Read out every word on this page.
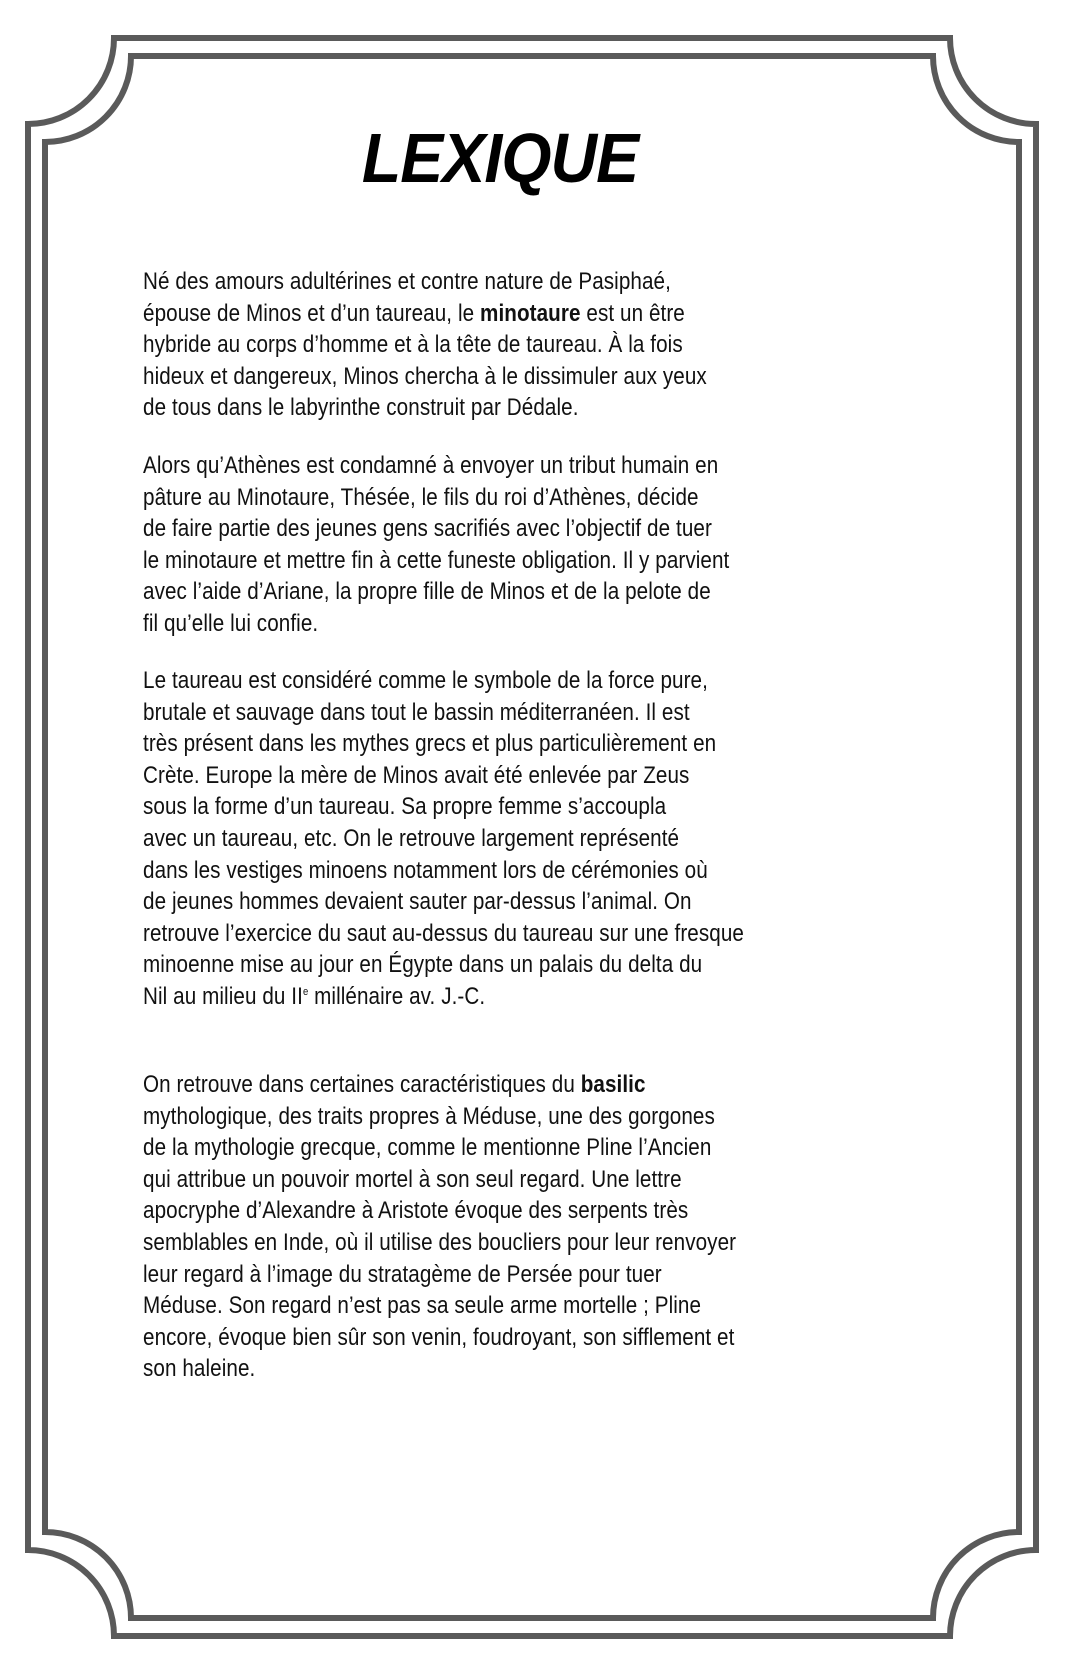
LEXIQUE
Né des amours adultérines et contre nature de Pasiphaé,
épouse de Minos et d’un taureau, le minotaure est un être
hybride au corps d’homme et à la tête de taureau. À la fois
hideux et dangereux, Minos chercha à le dissimuler aux yeux
de tous dans le labyrinthe construit par Dédale.
Alors qu’Athènes est condamné à envoyer un tribut humain en
pâture au Minotaure, Thésée, le fils du roi d’Athènes, décide
de faire partie des jeunes gens sacrifiés avec l’objectif de tuer
le minotaure et mettre fin à cette funeste obligation. Il y parvient
avec l’aide d’Ariane, la propre fille de Minos et de la pelote de
fil qu’elle lui confie.
Le taureau est considéré comme le symbole de la force pure,
brutale et sauvage dans tout le bassin méditerranéen. Il est
très présent dans les mythes grecs et plus particulièrement en
Crète. Europe la mère de Minos avait été enlevée par Zeus
sous la forme d’un taureau. Sa propre femme s’accoupla
avec un taureau, etc. On le retrouve largement représenté
dans les vestiges minoens notamment lors de cérémonies où
de jeunes hommes devaient sauter par-dessus l’animal. On
retrouve l’exercice du saut au-dessus du taureau sur une fresque
minoenne mise au jour en Égypte dans un palais du delta du
Nil au milieu du IIe millénaire av. J.-C.
On retrouve dans certaines caractéristiques du basilic
mythologique, des traits propres à Méduse, une des gorgones
de la mythologie grecque, comme le mentionne Pline l’Ancien
qui attribue un pouvoir mortel à son seul regard. Une lettre
apocryphe d’Alexandre à Aristote évoque des serpents très
semblables en Inde, où il utilise des boucliers pour leur renvoyer
leur regard à l’image du stratagème de Persée pour tuer
Méduse. Son regard n’est pas sa seule arme mortelle ; Pline
encore, évoque bien sûr son venin, foudroyant, son sifflement et
son haleine.
